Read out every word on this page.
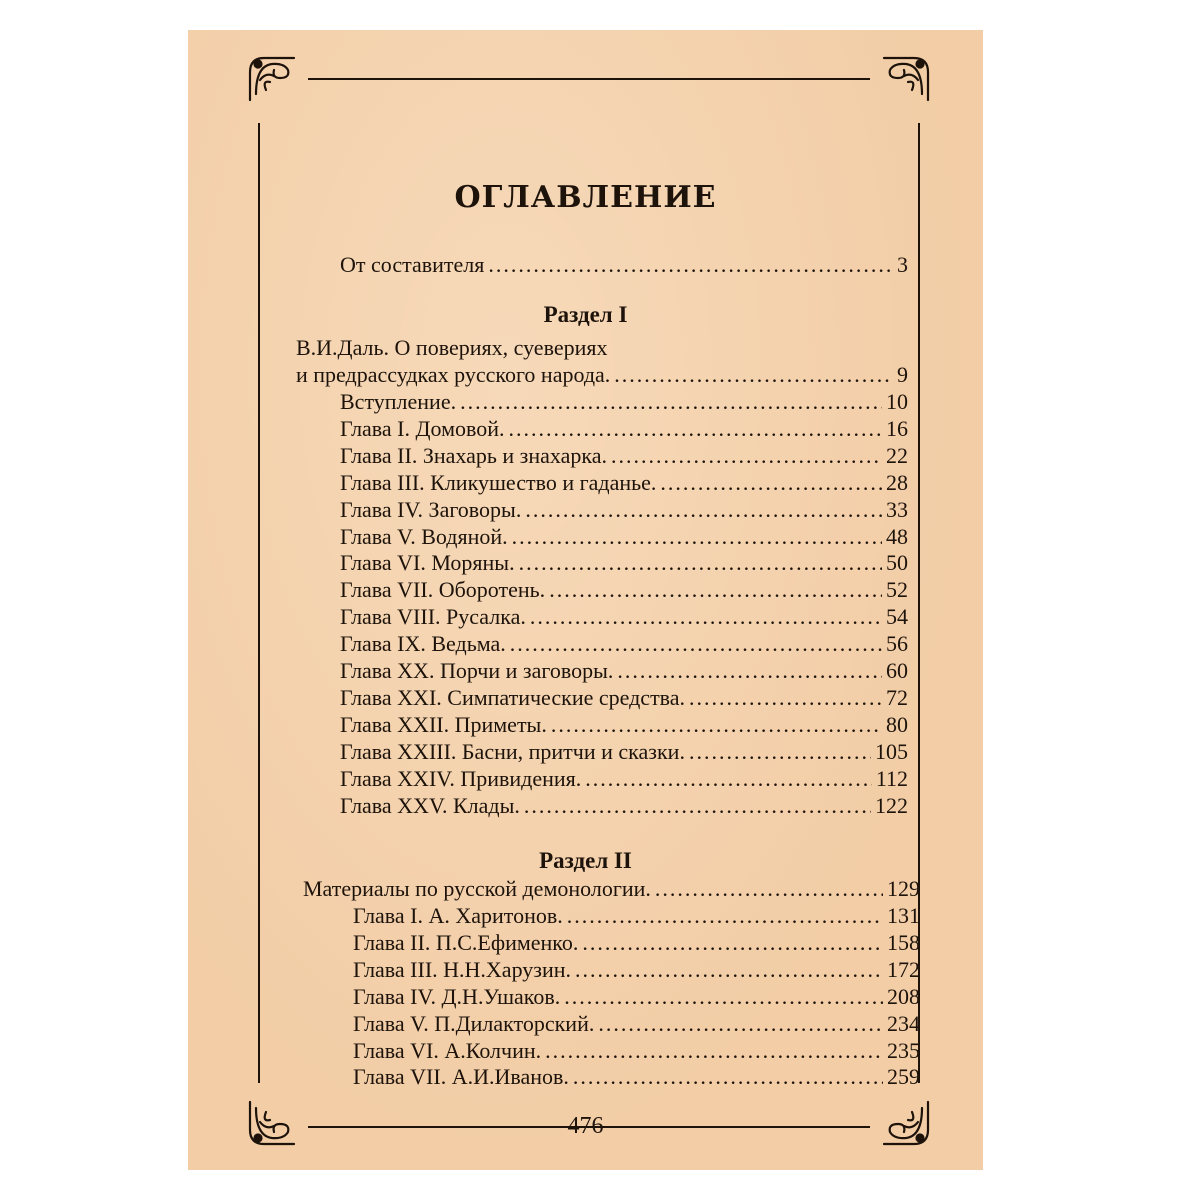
ОГЛАВЛЕНИЕ
От составителя .....	3
Раздел I
В.И.Даль. О повериях, суевериях
и предрассудках русского народа. .....	9
Вступление. .....	10
Глава I. Домовой. .....	16
Глава II. Знахарь и знахарка. .....	22
Глава III. Кликушество и гаданье. .....	28
Глава IV. Заговоры. .....	33
Глава V. Водяной. .....	48
Глава VI. Моряны. .....	50
Глава VII. Оборотень. .....	52
Глава VIII. Русалка. .....	54
Глава IX. Ведьма. .....	56
Глава XX. Порчи и заговоры. .....	60
Глава XXI. Симпатические средства. .....	72
Глава XXII. Приметы. .....	80
Глава XXIII. Басни, притчи и сказки. .....	105
Глава XXIV. Привидения. .....	112
Глава XXV. Клады. .....	122
Раздел II
Материалы по русской демонологии. .....	129
Глава I. А. Харитонов. .....	131
Глава II. П.С.Ефименко. .....	158
Глава III. Н.Н.Харузин. .....	172
Глава IV. Д.Н.Ушаков. .....	208
Глава V. П.Дилакторский. .....	234
Глава VI. А.Колчин. .....	235
Глава VII. А.И.Иванов. .....	259
476
